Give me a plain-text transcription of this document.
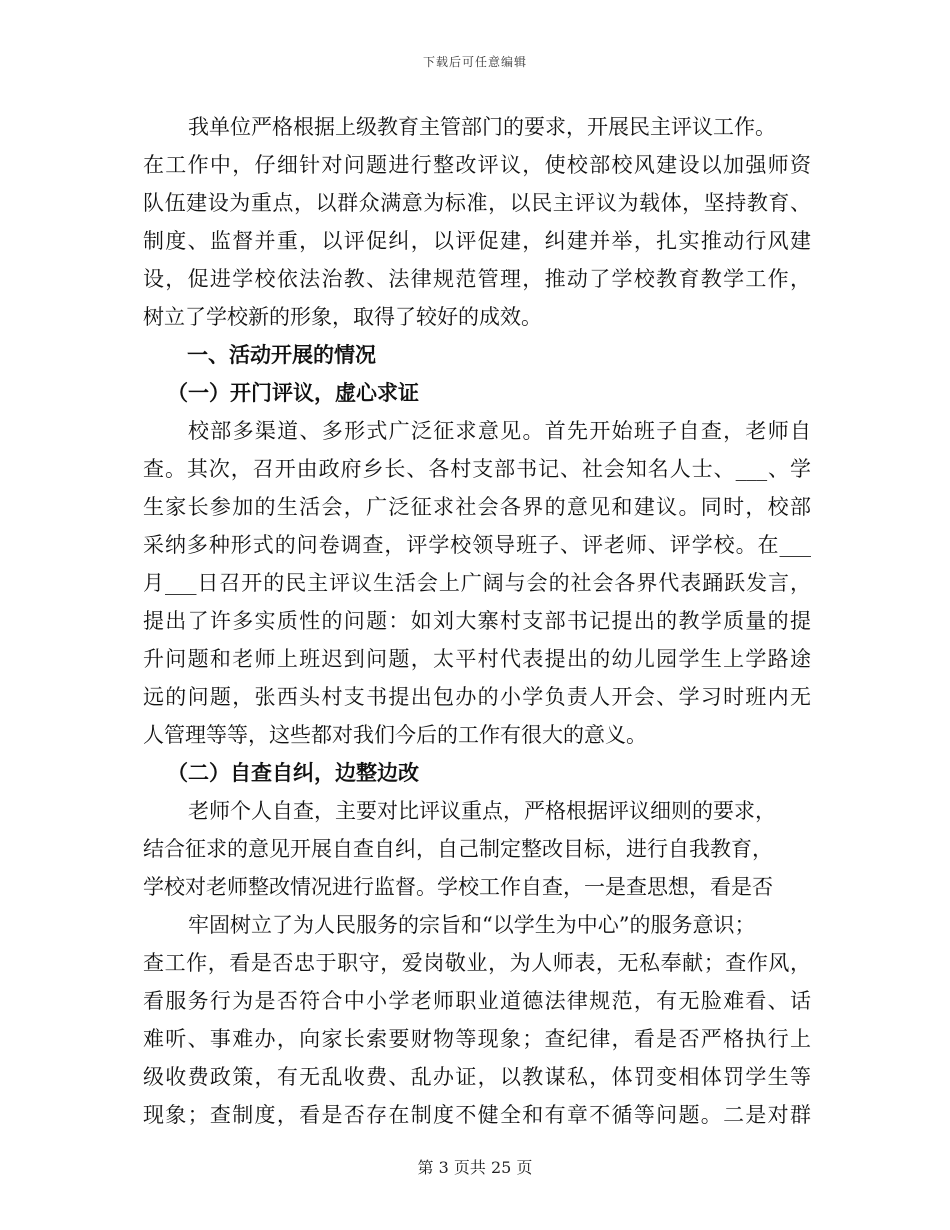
下载后可任意编辑
我单位严格根据上级教育主管部门的要求，开展民主评议工作。
在工作中，仔细针对问题进行整改评议，使校部校风建设以加强师资
队伍建设为重点，以群众满意为标准，以民主评议为载体，坚持教育、
制度、监督并重，以评促纠，以评促建，纠建并举，扎实推动行风建
设，促进学校依法治教、法律规范管理，推动了学校教育教学工作，
树立了学校新的形象，取得了较好的成效。
一、活动开展的情况
（一）开门评议，虚心求证
校部多渠道、多形式广泛征求意见。首先开始班子自查，老师自
查。其次，召开由政府乡长、各村支部书记、社会知名人士、___、学
生家长参加的生活会，广泛征求社会各界的意见和建议。同时，校部
采纳多种形式的问卷调查，评学校领导班子、评老师、评学校。在___
月___日召开的民主评议生活会上广阔与会的社会各界代表踊跃发言，
提出了许多实质性的问题：如刘大寨村支部书记提出的教学质量的提
升问题和老师上班迟到问题，太平村代表提出的幼儿园学生上学路途
远的问题，张西头村支书提出包办的小学负责人开会、学习时班内无
人管理等等，这些都对我们今后的工作有很大的意义。
（二）自查自纠，边整边改
老师个人自查，主要对比评议重点，严格根据评议细则的要求，
结合征求的意见开展自查自纠，自己制定整改目标，进行自我教育，
学校对老师整改情况进行监督。学校工作自查，一是查思想，看是否
牢固树立了为人民服务的宗旨和“以学生为中心”的服务意识；
查工作，看是否忠于职守，爱岗敬业，为人师表，无私奉献；查作风，
看服务行为是否符合中小学老师职业道德法律规范，有无脸难看、话
难听、事难办，向家长索要财物等现象；查纪律，看是否严格执行上
级收费政策，有无乱收费、乱办证，以教谋私，体罚变相体罚学生等
现象；查制度，看是否存在制度不健全和有章不循等问题。二是对群
第 3 页共 25 页
